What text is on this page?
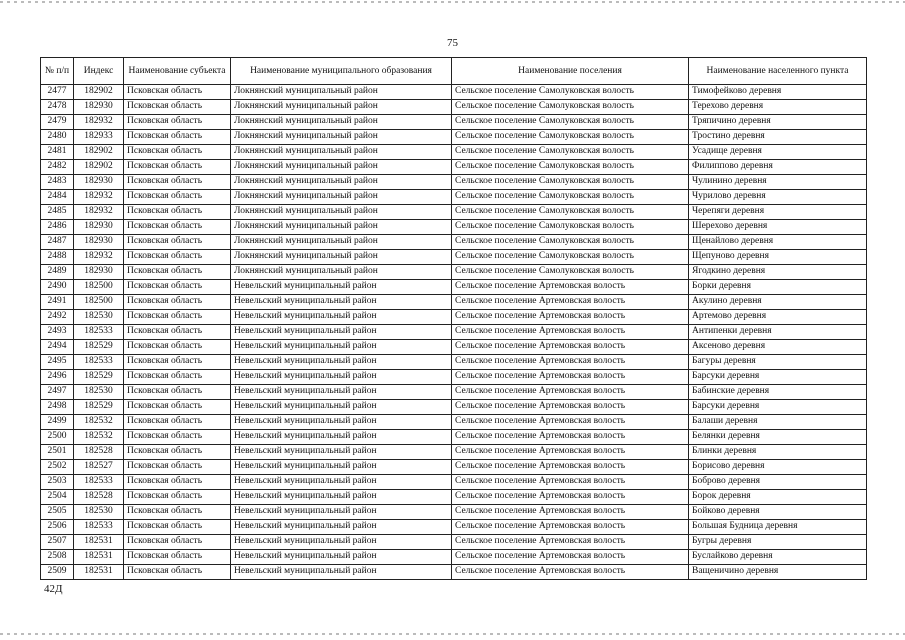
75
№ п/п	Индекс	Наименование субъекта	Наименование муниципального образования	Наименование поселения	Наименование населенного пункта
2477	182902	Псковская область	Локнянский муниципальный район	Сельское поселение Самолуковская волость	Тимофейково деревня
2478	182930	Псковская область	Локнянский муниципальный район	Сельское поселение Самолуковская волость	Терехово деревня
2479	182932	Псковская область	Локнянский муниципальный район	Сельское поселение Самолуковская волость	Тряпичино деревня
2480	182933	Псковская область	Локнянский муниципальный район	Сельское поселение Самолуковская волость	Тростино деревня
2481	182902	Псковская область	Локнянский муниципальный район	Сельское поселение Самолуковская волость	Усадище деревня
2482	182902	Псковская область	Локнянский муниципальный район	Сельское поселение Самолуковская волость	Филиппово деревня
2483	182930	Псковская область	Локнянский муниципальный район	Сельское поселение Самолуковская волость	Чулинино деревня
2484	182932	Псковская область	Локнянский муниципальный район	Сельское поселение Самолуковская волость	Чурилово деревня
2485	182932	Псковская область	Локнянский муниципальный район	Сельское поселение Самолуковская волость	Черепяги деревня
2486	182930	Псковская область	Локнянский муниципальный район	Сельское поселение Самолуковская волость	Шерехово деревня
2487	182930	Псковская область	Локнянский муниципальный район	Сельское поселение Самолуковская волость	Щенайлово деревня
2488	182932	Псковская область	Локнянский муниципальный район	Сельское поселение Самолуковская волость	Щепуново деревня
2489	182930	Псковская область	Локнянский муниципальный район	Сельское поселение Самолуковская волость	Ягодкино деревня
2490	182500	Псковская область	Невельский муниципальный район	Сельское поселение Артемовская волость	Борки деревня
2491	182500	Псковская область	Невельский муниципальный район	Сельское поселение Артемовская волость	Акулино деревня
2492	182530	Псковская область	Невельский муниципальный район	Сельское поселение Артемовская волость	Артемово деревня
2493	182533	Псковская область	Невельский муниципальный район	Сельское поселение Артемовская волость	Антипенки деревня
2494	182529	Псковская область	Невельский муниципальный район	Сельское поселение Артемовская волость	Аксеново деревня
2495	182533	Псковская область	Невельский муниципальный район	Сельское поселение Артемовская волость	Багуры деревня
2496	182529	Псковская область	Невельский муниципальный район	Сельское поселение Артемовская волость	Барсуки деревня
2497	182530	Псковская область	Невельский муниципальный район	Сельское поселение Артемовская волость	Бабинские деревня
2498	182529	Псковская область	Невельский муниципальный район	Сельское поселение Артемовская волость	Барсуки деревня
2499	182532	Псковская область	Невельский муниципальный район	Сельское поселение Артемовская волость	Балаши деревня
2500	182532	Псковская область	Невельский муниципальный район	Сельское поселение Артемовская волость	Белянки деревня
2501	182528	Псковская область	Невельский муниципальный район	Сельское поселение Артемовская волость	Блинки деревня
2502	182527	Псковская область	Невельский муниципальный район	Сельское поселение Артемовская волость	Борисово деревня
2503	182533	Псковская область	Невельский муниципальный район	Сельское поселение Артемовская волость	Боброво деревня
2504	182528	Псковская область	Невельский муниципальный район	Сельское поселение Артемовская волость	Борок деревня
2505	182530	Псковская область	Невельский муниципальный район	Сельское поселение Артемовская волость	Бойково деревня
2506	182533	Псковская область	Невельский муниципальный район	Сельское поселение Артемовская волость	Большая Будница деревня
2507	182531	Псковская область	Невельский муниципальный район	Сельское поселение Артемовская волость	Бугры деревня
2508	182531	Псковская область	Невельский муниципальный район	Сельское поселение Артемовская волость	Буслайково деревня
2509	182531	Псковская область	Невельский муниципальный район	Сельское поселение Артемовская волость	Ващеничино деревня
42Д
